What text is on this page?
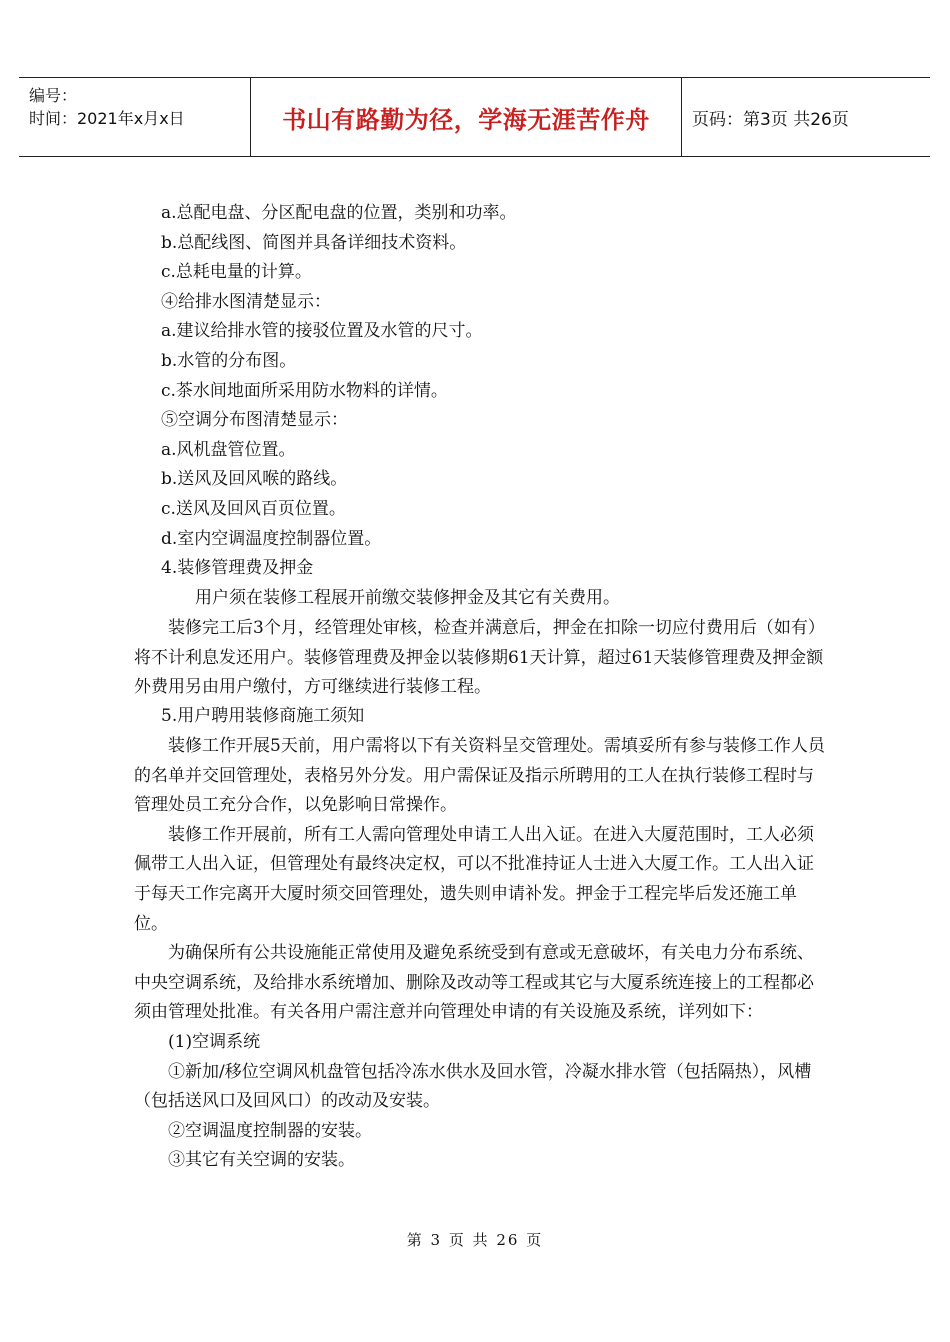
编号：
时间：2021年x月x日	书山有路勤为径，学海无涯苦作舟	页码：第3页 共26页

a.总配电盘、分区配电盘的位置，类别和功率。

b.总配线图、简图并具备详细技术资料。

c.总耗电量的计算。

④给排水图清楚显示：

a.建议给排水管的接驳位置及水管的尺寸。

b.水管的分布图。

c.茶水间地面所采用防水物料的详情。

⑤空调分布图清楚显示：

a.风机盘管位置。

b.送风及回风喉的路线。

c.送风及回风百页位置。

d.室内空调温度控制器位置。

4.装修管理费及押金

用户须在装修工程展开前缴交装修押金及其它有关费用。

装修完工后3个月，经管理处审核，检查并满意后，押金在扣除一切应付费用后（如有）将不计利息发还用户。装修管理费及押金以装修期61天计算，超过61天装修管理费及押金额外费用另由用户缴付，方可继续进行装修工程。

5.用户聘用装修商施工须知

装修工作开展5天前，用户需将以下有关资料呈交管理处。需填妥所有参与装修工作人员的名单并交回管理处，表格另外分发。用户需保证及指示所聘用的工人在执行装修工程时与管理处员工充分合作，以免影响日常操作。

装修工作开展前，所有工人需向管理处申请工人出入证。在进入大厦范围时，工人必须佩带工人出入证，但管理处有最终决定权，可以不批准持证人士进入大厦工作。工人出入证于每天工作完离开大厦时须交回管理处，遗失则申请补发。押金于工程完毕后发还施工单位。

为确保所有公共设施能正常使用及避免系统受到有意或无意破坏，有关电力分布系统、中央空调系统，及给排水系统增加、删除及改动等工程或其它与大厦系统连接上的工程都必须由管理处批准。有关各用户需注意并向管理处申请的有关设施及系统，详列如下：

(1)空调系统

①新加/移位空调风机盘管包括冷冻水供水及回水管，冷凝水排水管（包括隔热），风槽（包括送风口及回风口）的改动及安装。

②空调温度控制器的安装。

③其它有关空调的安装。

第 3 页 共 26 页
